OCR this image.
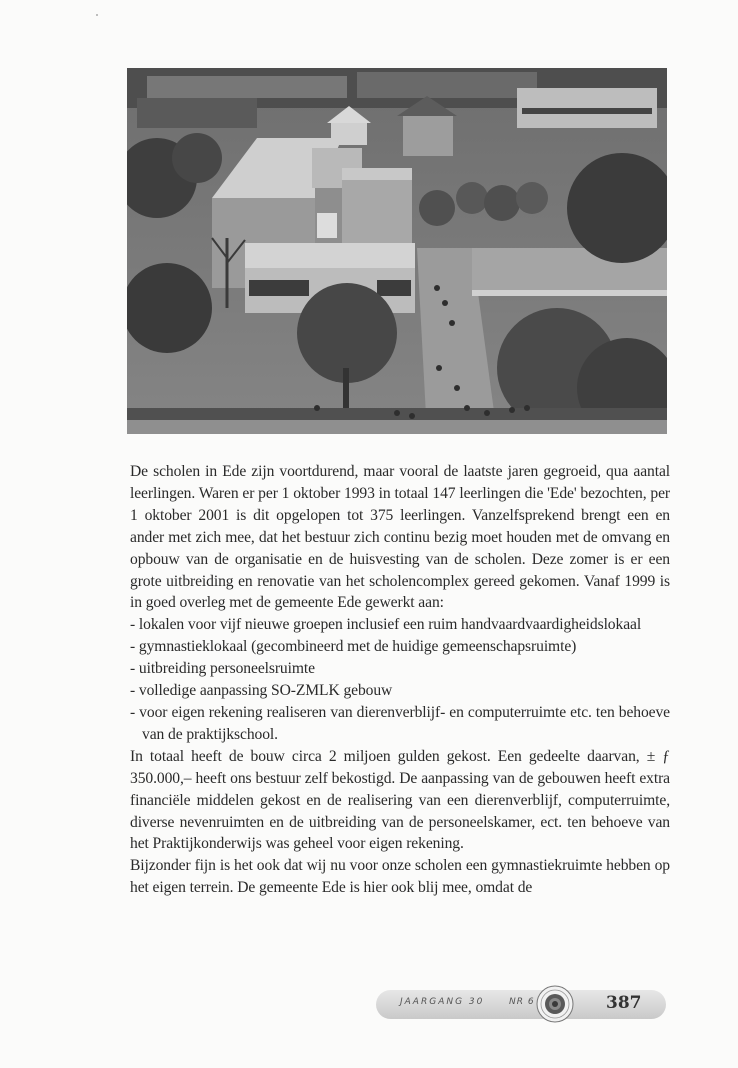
De scholen in Ede zijn voortdurend, maar vooral de laatste jaren gegroeid, qua aantal leerlingen. Waren er per 1 oktober 1993 in totaal 147 leerlingen die 'Ede' bezochten, per 1 oktober 2001 is dit opgelopen tot 375 leerlingen. Vanzelfsprekend brengt een en ander met zich mee, dat het bestuur zich continu bezig moet houden met de omvang en opbouw van de organisatie en de huisvesting van de scholen. Deze zomer is er een grote uitbreiding en renovatie van het scholencomplex gereed gekomen. Vanaf 1999 is in goed overleg met de gemeente Ede gewerkt aan:

- lokalen voor vijf nieuwe groepen inclusief een ruim handvaardvaardigheidslokaal
- gymnastieklokaal (gecombineerd met de huidige gemeenschapsruimte)
- uitbreiding personeelsruimte
- volledige aanpassing SO-ZMLK gebouw
- voor eigen rekening realiseren van dierenverblijf- en computerruimte etc. ten behoeve van de praktijkschool.

In totaal heeft de bouw circa 2 miljoen gulden gekost. Een gedeelte daarvan, ± ƒ 350.000,– heeft ons bestuur zelf bekostigd. De aanpassing van de gebouwen heeft extra financiële middelen gekost en de realisering van een dierenverblijf, computerruimte, diverse nevenruimten en de uitbreiding van de personeelskamer, ect. ten behoeve van het Praktijkonderwijs was geheel voor eigen rekening.

Bijzonder fijn is het ook dat wij nu voor onze scholen een gymnastiekruimte hebben op het eigen terrein. De gemeente Ede is hier ook blij mee, omdat de

JAARGANG 30	NR 6	387
